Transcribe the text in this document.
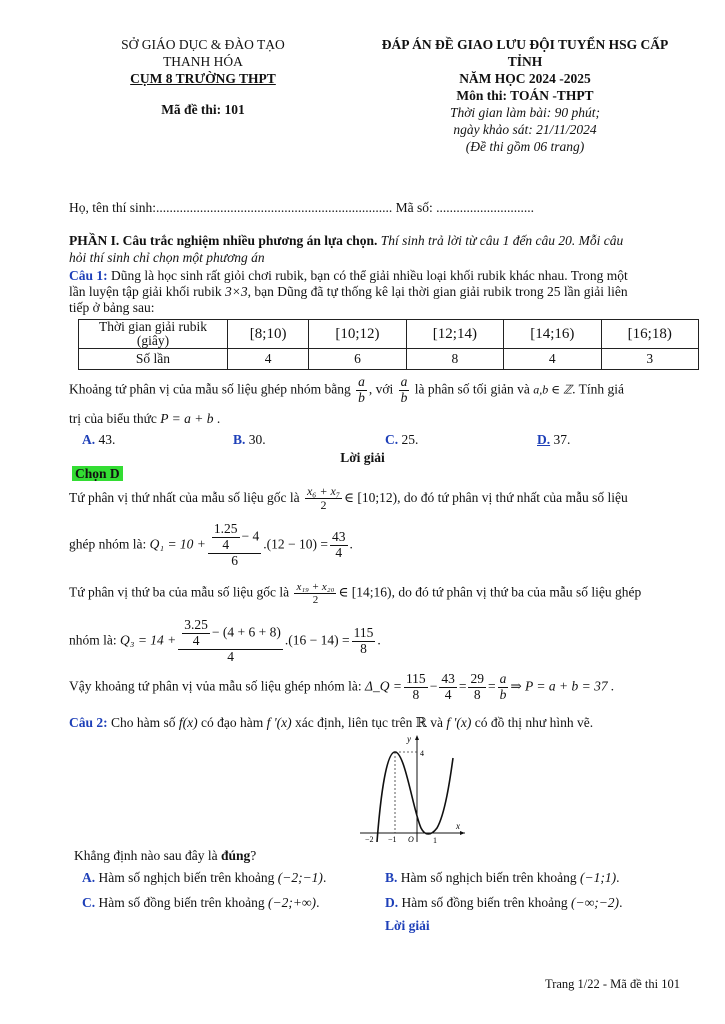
SỞ GIÁO DỤC & ĐÀO TẠO
THANH HÓA
CỤM 8 TRƯỜNG THPT
Mã đề thi: 101
ĐÁP ÁN ĐỀ GIAO LƯU ĐỘI TUYỂN HSG CẤP
TỈNH
NĂM HỌC 2024 -2025
Môn thi: TOÁN -THPT
Thời gian làm bài: 90 phút;
ngày khảo sát: 21/11/2024
(Đề thi gồm 06 trang)
Họ, tên thí sinh:...................................................................... Mã số: .............................
PHẦN I. Câu trắc nghiệm nhiều phương án lựa chọn. Thí sinh trả lời từ câu 1 đến câu 20. Mỗi câu
hỏi thí sinh chỉ chọn một phương án
Câu 1: Dũng là học sinh rất giỏi chơi rubik, bạn có thể giải nhiều loại khối rubik khác nhau. Trong một
lần luyện tập giải khối rubik 3×3, bạn Dũng đã tự thống kê lại thời gian giải rubik trong 25 lần giải liên
tiếp ở bảng sau:
Thời gian giải rubik
(giây)	[8;10)	[10;12)	[12;14)	[14;16)	[16;18)
Số lần	4	6	8	4	3
Khoảng tứ phân vị của mẫu số liệu ghép nhóm bằng $\frac{a}{b}$ , với $\frac{a}{b}$ là phân số tối giản và a,b ∈ ℤ. Tính giá
trị của biểu thức P = a + b .
A. 43.	B. 30.	C. 25.	D. 37.
Lời giải
Chọn D
Tứ phân vị thứ nhất của mẫu số liệu gốc là $\frac{\text{x₆ + x₇}}{2}$ ∈ [10;12), do đó tứ phân vị thứ nhất của mẫu số liệu
ghép nhóm là: $Q_1 = 10 + \frac{\frac{1.25}{4} - 4}{6} .(12 - 10) = \frac{43}{4}$ .
Tứ phân vị thứ ba của mẫu số liệu gốc là $\frac{\text{x₁₉ + x₂₀}}{2}$ ∈ [14;16), do đó tứ phân vị thứ ba của mẫu số liệu ghép
nhóm là: $Q_3 = 14 + \frac{\frac{3.25}{4} - (4 + 6 + 8)}{4} .(16 - 14) = \frac{115}{8}$ .
Vậy khoảng tứ phân vị vủa mẫu số liệu ghép nhóm là: Δ_Q = $\frac{115}{8} - \frac{43}{4} = \frac{29}{8} = \frac{a}{b}$ ⇒ P = a + b = 37 .
Câu 2: Cho hàm số f(x) có đạo hàm f '(x) xác định, liên tục trên ℝ và f '(x) có đồ thị như hình vẽ.
y
x
4
−2 −1 O 1
Khẳng định nào sau đây là đúng?
A. Hàm số nghịch biến trên khoảng (−2;−1).	B. Hàm số nghịch biến trên khoảng (−1;1).
C. Hàm số đồng biến trên khoảng (−2;+∞).	D. Hàm số đồng biến trên khoảng (−∞;−2).
Lời giải
Trang 1/22 - Mã đề thi 101
